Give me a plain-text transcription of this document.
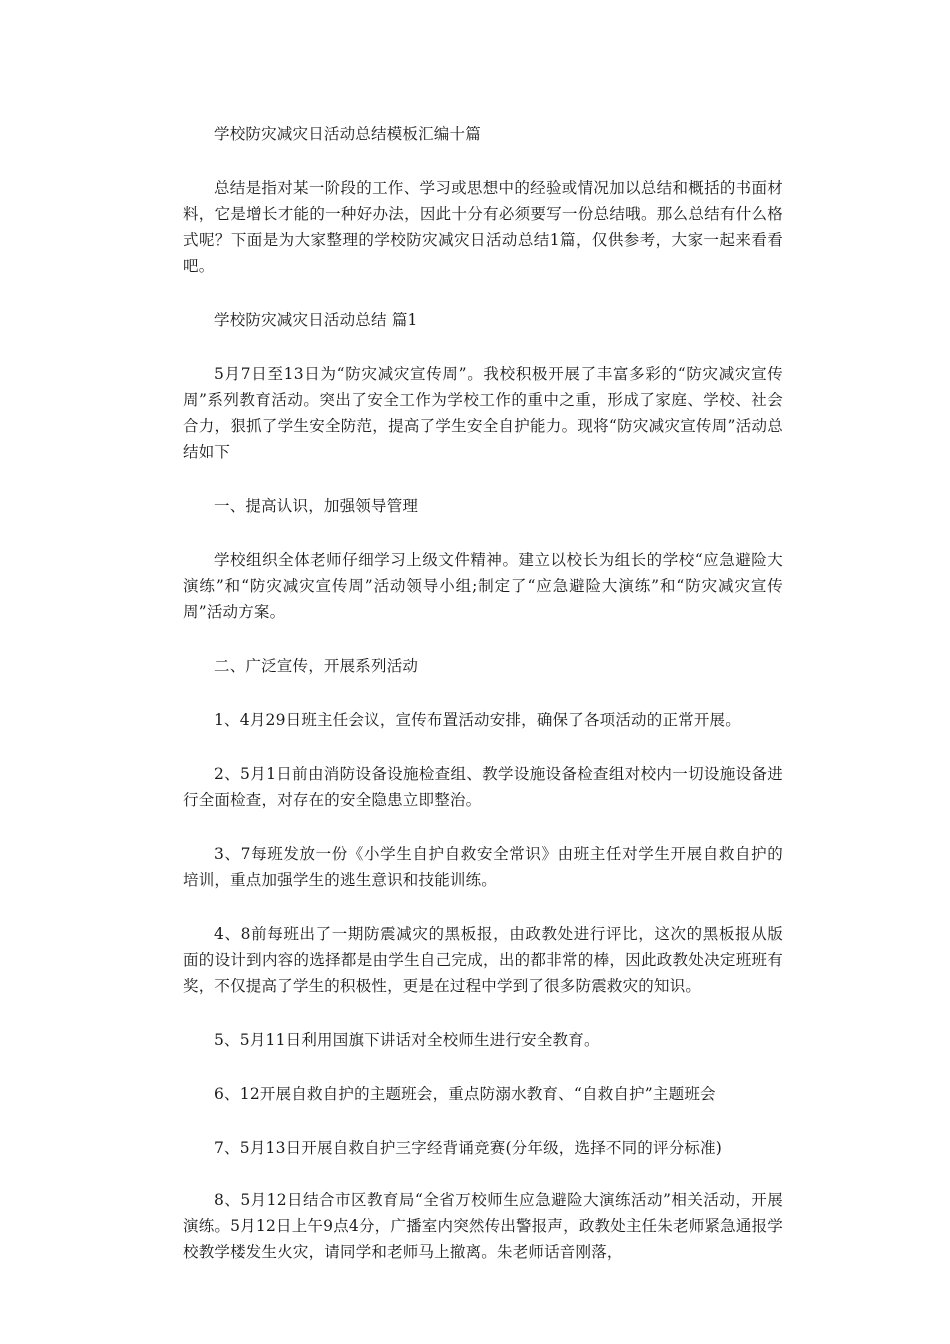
学校防灾减灾日活动总结模板汇编十篇

总结是指对某一阶段的工作、学习或思想中的经验或情况加以总结和概括的书面材料，它是增长才能的一种好办法，因此十分有必须要写一份总结哦。那么总结有什么格式呢？下面是为大家整理的学校防灾减灾日活动总结1篇，仅供参考，大家一起来看看吧。

学校防灾减灾日活动总结 篇1

5月7日至13日为“防灾减灾宣传周”。我校积极开展了丰富多彩的“防灾减灾宣传周”系列教育活动。突出了安全工作为学校工作的重中之重，形成了家庭、学校、社会合力，狠抓了学生安全防范，提高了学生安全自护能力。现将“防灾减灾宣传周”活动总结如下

一、提高认识，加强领导管理

学校组织全体老师仔细学习上级文件精神。建立以校长为组长的学校“应急避险大演练”和“防灾减灾宣传周”活动领导小组;制定了“应急避险大演练”和“防灾减灾宣传周”活动方案。

二、广泛宣传，开展系列活动

1、4月29日班主任会议，宣传布置活动安排，确保了各项活动的正常开展。

2、5月1日前由消防设备设施检查组、教学设施设备检查组对校内一切设施设备进行全面检查，对存在的安全隐患立即整治。

3、7每班发放一份《小学生自护自救安全常识》由班主任对学生开展自救自护的培训，重点加强学生的逃生意识和技能训练。

4、8前每班出了一期防震减灾的黑板报，由政教处进行评比，这次的黑板报从版面的设计到内容的选择都是由学生自己完成，出的都非常的棒，因此政教处决定班班有奖，不仅提高了学生的积极性，更是在过程中学到了很多防震救灾的知识。

5、5月11日利用国旗下讲话对全校师生进行安全教育。

6、12开展自救自护的主题班会，重点防溺水教育、“自救自护”主题班会

7、5月13日开展自救自护三字经背诵竞赛(分年级，选择不同的评分标准)

8、5月12日结合市区教育局“全省万校师生应急避险大演练活动”相关活动，开展演练。5月12日上午9点4分，广播室内突然传出警报声，政教处主任朱老师紧急通报学校教学楼发生火灾，请同学和老师马上撤离。朱老师话音刚落，
